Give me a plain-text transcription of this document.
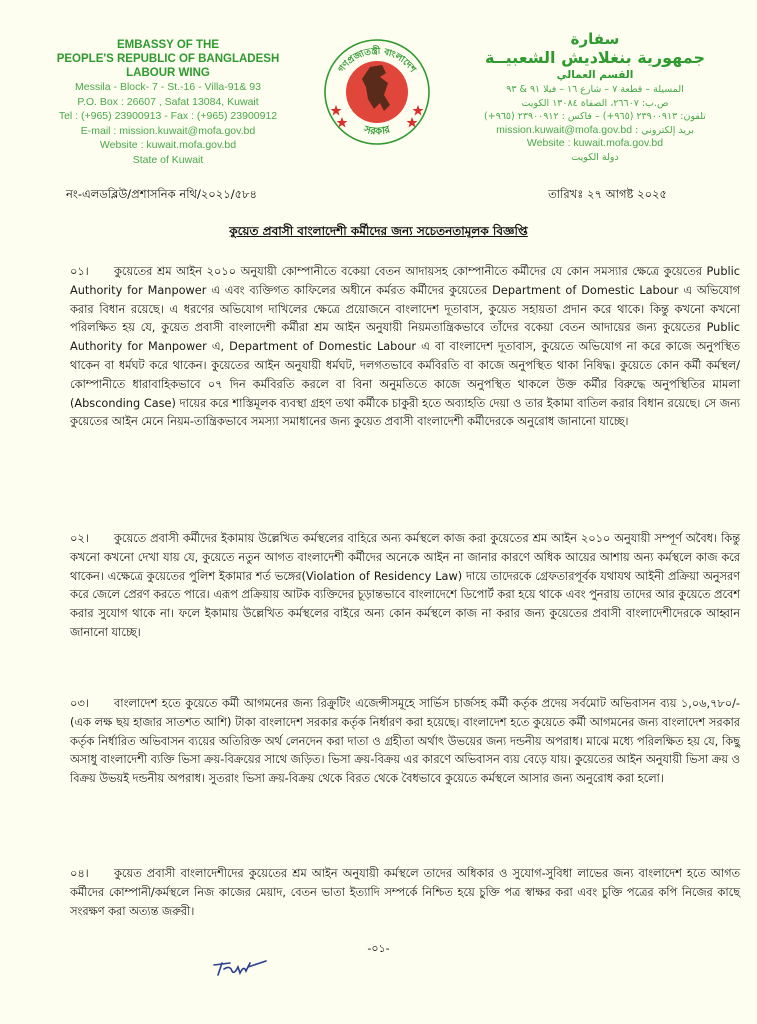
EMBASSY OF THE
PEOPLE'S REPUBLIC OF BANGLADESH
LABOUR WING
Messila - Block- 7 - St.-16 - Villa-91& 93
P.O. Box : 26607 , Safat 13084, Kuwait
Tel : (+965) 23900913 - Fax : (+965) 23900912
E-mail : mission.kuwait@mofa.gov.bd
Website : kuwait.mofa.gov.bd
State of Kuwait
গণপ্রজাতন্ত্রী বাংলাদেশ
সরকার
سفارة
جمهورية بنغلاديش الشعبيــة
القسم العمالي
المسيلة – قطعة ٧ – شارع ١٦ – فيلا ٩١ & ٩٣
ص.ب: ٢٦٦٠٧، الصفاة ١٣٠٨٤ الكويت
تلفون: ٢٣٩٠٠٩١٣ (٩٦٥+) – فاكس : ٢٣٩٠٠٩١٢ (٩٦٥+)
بريد إلكتروني : mission.kuwait@mofa.gov.bd
Website : kuwait.mofa.gov.bd
دولة الكويت
নং-এলডব্লিউ/প্রশাসনিক নথি/২০২১/৫৮৪	তারিখঃ ২৭ আগষ্ট ২০২৫
কুয়েত প্রবাসী বাংলাদেশী কর্মীদের জন্য সচেতনতামূলক বিজ্ঞপ্তি
০১। কুয়েতের শ্রম আইন ২০১০ অনুযায়ী কোম্পানীতে বকেয়া বেতন আদায়সহ কোম্পানীতে কর্মীদের যে কোন সমস্যার ক্ষেত্রে কুয়েতের Public Authority for Manpower এ এবং ব্যক্তিগত কাফিলের অধীনে কর্মরত কর্মীদের কুয়েতের Department of Domestic Labour এ অভিযোগ করার বিধান রয়েছে। এ ধরণের অভিযোগ দাখিলের ক্ষেত্রে প্রয়োজনে বাংলাদেশ দূতাবাস, কুয়েত সহায়তা প্রদান করে থাকে। কিন্তু কখনো কখনো পরিলক্ষিত হয় যে, কুয়েত প্রবাসী বাংলাদেশী কর্মীরা শ্রম আইন অনুযায়ী নিয়মতান্ত্রিকভাবে তাঁদের বকেয়া বেতন আদায়ের জন্য কুয়েতের Public Authority for Manpower এ, Department of Domestic Labour এ বা বাংলাদেশ দূতাবাস, কুয়েতে অভিযোগ না করে কাজে অনুপস্থিত থাকেন বা ধর্মঘট করে থাকেন। কুয়েতের আইন অনুযায়ী ধর্মঘট, দলগতভাবে কর্মবিরতি বা কাজে অনুপস্থিত থাকা নিষিদ্ধ। কুয়েতে কোন কর্মী কর্মস্থল/কোম্পানীতে ধারাবাহিকভাবে ০৭ দিন কর্মবিরতি করলে বা বিনা অনুমতিতে কাজে অনুপস্থিত থাকলে উক্ত কর্মীর বিরুদ্ধে অনুপস্থিতির মামলা (Absconding Case) দায়ের করে শাস্তিমূলক ব্যবস্থা গ্রহণ তথা কর্মীকে চাকুরী হতে অব্যাহতি দেয়া ও তার ইকামা বাতিল করার বিধান রয়েছে। সে জন্য কুয়েতের আইন মেনে নিয়ম-তান্ত্রিকভাবে সমস্যা সমাধানের জন্য কুয়েত প্রবাসী বাংলাদেশী কর্মীদেরকে অনুরোধ জানানো যাচ্ছে।
০২। কুয়েতে প্রবাসী কর্মীদের ইকামায় উল্লেখিত কর্মস্থলের বাহিরে অন্য কর্মস্থলে কাজ করা কুয়েতের শ্রম আইন ২০১০ অনুযায়ী সম্পূর্ণ অবৈধ। কিন্তু কখনো কখনো দেখা যায় যে, কুয়েতে নতুন আগত বাংলাদেশী কর্মীদের অনেকে আইন না জানার কারণে অধিক আয়ের আশায় অন্য কর্মস্থলে কাজ করে থাকেন। এক্ষেত্রে কুয়েতের পুলিশ ইকামার শর্ত ভঙ্গের(Violation of Residency Law) দায়ে তাদেরকে গ্রেফতারপূর্বক যথাযথ আইনী প্রক্রিয়া অনুসরণ করে জেলে প্রেরণ করতে পারে। এরূপ প্রক্রিয়ায় আটক ব্যক্তিদের চূড়ান্তভাবে বাংলাদেশে ডিপোর্ট করা হয়ে থাকে এবং পুনরায় তাদের আর কুয়েতে প্রবেশ করার সুযোগ থাকে না। ফলে ইকামায় উল্লেখিত কর্মস্থলের বাইরে অন্য কোন কর্মস্থলে কাজ না করার জন্য কুয়েতের প্রবাসী বাংলাদেশীদেরকে আহ্বান জানানো যাচ্ছে।
০৩। বাংলাদেশ হতে কুয়েতে কর্মী আগমনের জন্য রিক্রুটিং এজেন্সীসমূহে সার্ভিস চার্জসহ কর্মী কর্তৃক প্রদেয় সর্বমোট অভিবাসন ব্যয় ১,০৬,৭৮০/- (এক লক্ষ ছয় হাজার সাতশত আশি) টাকা বাংলাদেশ সরকার কর্তৃক নির্ধারণ করা হয়েছে। বাংলাদেশ হতে কুয়েতে কর্মী আগমনের জন্য বাংলাদেশ সরকার কর্তৃক নির্ধারিত অভিবাসন ব্যয়ের অতিরিক্ত অর্থ লেনদেন করা দাতা ও গ্রহীতা অর্থাৎ উভয়ের জন্য দন্ডনীয় অপরাধ। মাঝে মধ্যে পরিলক্ষিত হয় যে, কিছু অসাধু বাংলাদেশী ব্যক্তি ভিসা ক্রয়-বিক্রয়ের সাথে জড়িত। ভিসা ক্রয়-বিক্রয় এর কারণে অভিবাসন ব্যয় বেড়ে যায়। কুয়েতের আইন অনুযায়ী ভিসা ক্রয় ও বিক্রয় উভয়ই দন্ডনীয় অপরাধ। সুতরাং ভিসা ক্রয়-বিক্রয় থেকে বিরত থেকে বৈধভাবে কুয়েতে কর্মস্থলে আসার জন্য অনুরোধ করা হলো।
০৪। কুয়েত প্রবাসী বাংলাদেশীদের কুয়েতের শ্রম আইন অনুযায়ী কর্মস্থলে তাদের অধিকার ও সুযোগ-সুবিধা লাভের জন্য বাংলাদেশ হতে আগত কর্মীদের কোম্পানী/কর্মস্থলে নিজ কাজের মেয়াদ, বেতন ভাতা ইত্যাদি সম্পর্কে নিশ্চিত হয়ে চুক্তি পত্র স্বাক্ষর করা এবং চুক্তি পত্রের কপি নিজের কাছে সংরক্ষণ করা অত্যন্ত জরুরী।
-০১-
